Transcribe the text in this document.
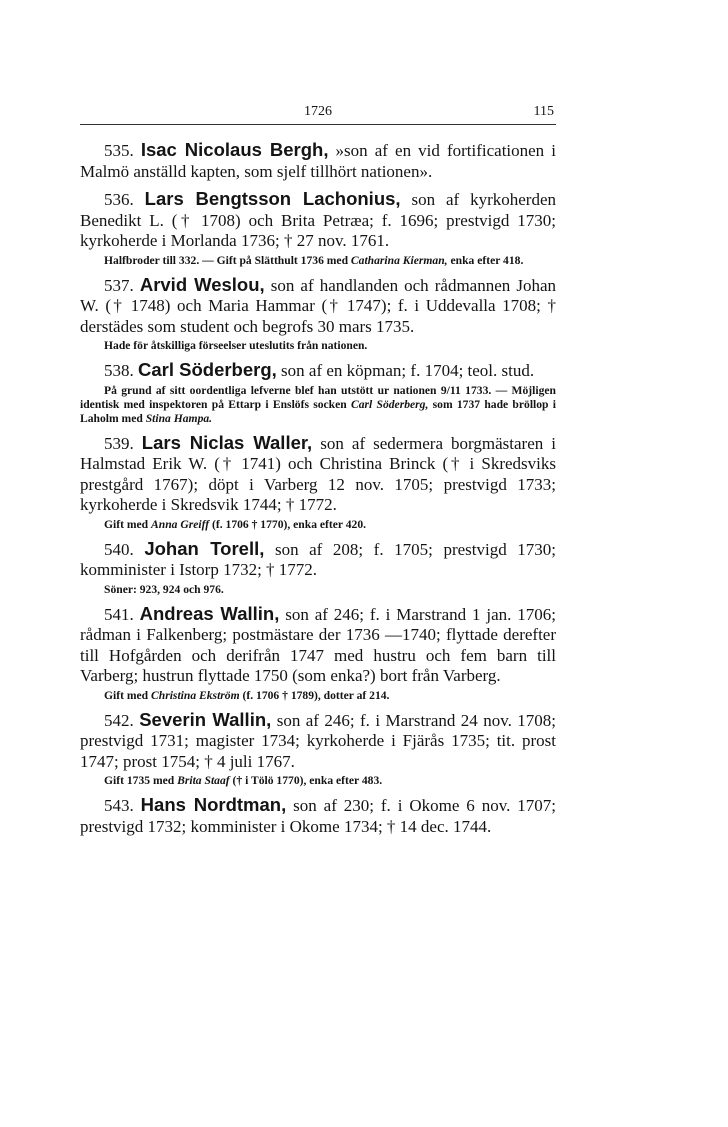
1726	115

535. Isac Nicolaus Bergh, »son af en vid fortificationen i Malmö anställd kapten, som sjelf tillhört nationen».

536. Lars Bengtsson Lachonius, son af kyrkoherden Benedikt L. († 1708) och Brita Petræa; f. 1696; prestvigd 1730; kyrkoherde i Morlanda 1736; † 27 nov. 1761.

Halfbroder till 332. — Gift på Slätthult 1736 med Catharina Kierman, enka efter 418.

537. Arvid Weslou, son af handlanden och rådmannen Johan W. († 1748) och Maria Hammar († 1747); f. i Uddevalla 1708; † derstädes som student och begrofs 30 mars 1735.

Hade för åtskilliga förseelser uteslutits från nationen.

538. Carl Söderberg, son af en köpman; f. 1704; teol. stud.

På grund af sitt oordentliga lefverne blef han utstött ur nationen 9/11 1733. — Möjligen identisk med inspektoren på Ettarp i Enslöfs socken Carl Söderberg, som 1737 hade bröllop i Laholm med Stina Hampa.

539. Lars Niclas Waller, son af sedermera borgmästaren i Halmstad Erik W. († 1741) och Christina Brinck († i Skredsviks prestgård 1767); döpt i Varberg 12 nov. 1705; prestvigd 1733; kyrkoherde i Skredsvik 1744; † 1772.

Gift med Anna Greiff (f. 1706 † 1770), enka efter 420.

540. Johan Torell, son af 208; f. 1705; prestvigd 1730; komminister i Istorp 1732; † 1772.

Söner: 923, 924 och 976.

541. Andreas Wallin, son af 246; f. i Marstrand 1 jan. 1706; rådman i Falkenberg; postmästare der 1736 —1740; flyttade derefter till Hofgården och derifrån 1747 med hustru och fem barn till Varberg; hustrun flyttade 1750 (som enka?) bort från Varberg.

Gift med Christina Ekström (f. 1706 † 1789), dotter af 214.

542. Severin Wallin, son af 246; f. i Marstrand 24 nov. 1708; prestvigd 1731; magister 1734; kyrkoherde i Fjärås 1735; tit. prost 1747; prost 1754; † 4 juli 1767.

Gift 1735 med Brita Staaf († i Tölö 1770), enka efter 483.

543. Hans Nordtman, son af 230; f. i Okome 6 nov. 1707; prestvigd 1732; komminister i Okome 1734; † 14 dec. 1744.
